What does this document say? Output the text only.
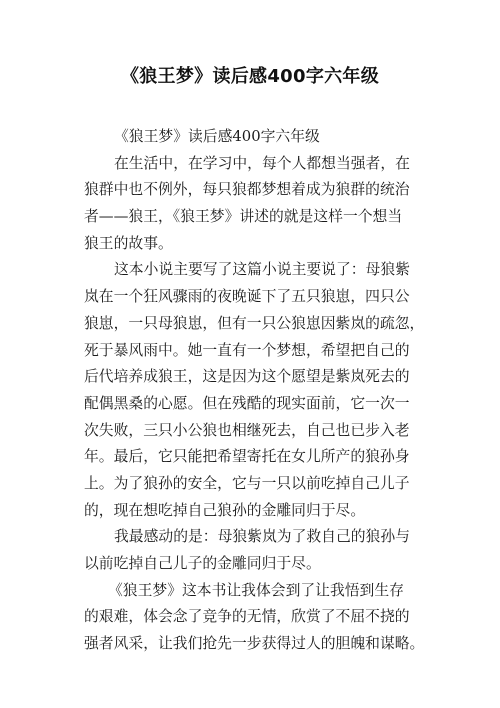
《狼王梦》读后感400字六年级
《狼王梦》读后感400字六年级
在生活中，在学习中，每个人都想当强者，在
狼群中也不例外，每只狼都梦想着成为狼群的统治
者——狼王，《狼王梦》讲述的就是这样一个想当
狼王的故事。
这本小说主要写了这篇小说主要说了：母狼紫
岚在一个狂风骤雨的夜晚诞下了五只狼崽，四只公
狼崽，一只母狼崽，但有一只公狼崽因紫岚的疏忽，
死于暴风雨中。她一直有一个梦想，希望把自己的
后代培养成狼王，这是因为这个愿望是紫岚死去的
配偶黑桑的心愿。但在残酷的现实面前，它一次一
次失败，三只小公狼也相继死去，自己也已步入老
年。最后，它只能把希望寄托在女儿所产的狼孙身
上。为了狼孙的安全，它与一只以前吃掉自己儿子
的，现在想吃掉自己狼孙的金雕同归于尽。
我最感动的是：母狼紫岚为了救自己的狼孙与
以前吃掉自己儿子的金雕同归于尽。
《狼王梦》这本书让我体会到了让我悟到生存
的艰难，体会念了竞争的无情，欣赏了不屈不挠的
强者风采，让我们抢先一步获得过人的胆魄和谋略。
